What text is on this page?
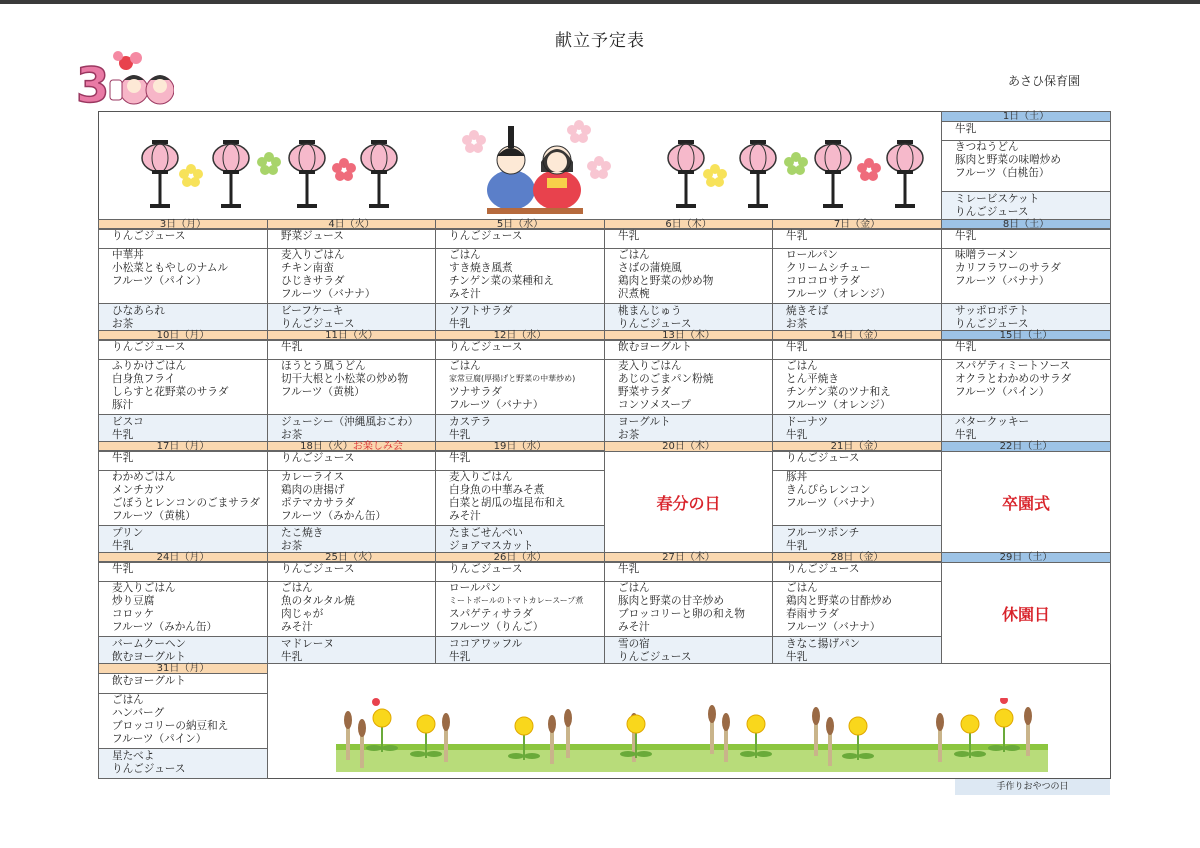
献立予定表
あさひ保育園
3
1日（土）
牛乳
きつねうどん
豚肉と野菜の味噌炒め
フルーツ（白桃缶）
ミレービスケット
りんごジュース
3日（月）
りんごジュース
中華丼
小松菜ともやしのナムル
フルーツ（パイン）
ひなあられ
お茶
4日（火）
野菜ジュース
麦入りごはん
チキン南蛮
ひじきサラダ
フルーツ（バナナ）
ビーフケーキ
りんごジュース
5日（水）
りんごジュース
ごはん
すき焼き風煮
チンゲン菜の菜種和え
みそ汁
ソフトサラダ
牛乳
6日（木）
牛乳
ごはん
さばの蒲焼風
鶏肉と野菜の炒め物
沢煮椀
桃まんじゅう
りんごジュース
7日（金）
牛乳
ロールパン
クリームシチュー
コロコロサラダ
フルーツ（オレンジ）
焼きそば
お茶
8日（土）
牛乳
味噌ラーメン
カリフラワーのサラダ
フルーツ（バナナ）
サッポロポテト
りんごジュース
10日（月）
りんごジュース
ふりかけごはん
白身魚フライ
しらすと花野菜のサラダ
豚汁
ビスコ
牛乳
11日（火）
牛乳
ほうとう風うどん
切干大根と小松菜の炒め物
フルーツ（黄桃）
ジューシー（沖縄風おこわ）
お茶
12日（水）
りんごジュース
ごはん
家常豆腐(厚揚げと野菜の中華炒め)
ツナサラダ
フルーツ（バナナ）
カステラ
牛乳
13日（木）
飲むヨーグルト
麦入りごはん
あじのごまパン粉焼
野菜サラダ
コンソメスープ
ヨーグルト
お茶
14日（金）
牛乳
ごはん
とん平焼き
チンゲン菜のツナ和え
フルーツ（オレンジ）
ドーナツ
牛乳
15日（土）
牛乳
スパゲティミートソース
オクラとわかめのサラダ
フルーツ（パイン）
バタークッキー
牛乳
17日（月）
牛乳
わかめごはん
メンチカツ
ごぼうとレンコンのごまサラダ
フルーツ（黄桃）
プリン
牛乳
18日（火）お楽しみ会
りんごジュース
カレーライス
鶏肉の唐揚げ
ポテマカサラダ
フルーツ（みかん缶）
たこ焼き
お茶
19日（水）
牛乳
麦入りごはん
白身魚の中華みそ煮
白菜と胡瓜の塩昆布和え
みそ汁
たまごせんべい
ジョアマスカット
20日（木）
春分の日
21日（金）
りんごジュース
豚丼
きんぴらレンコン
フルーツ（バナナ）
フルーツポンチ
牛乳
22日（土）
卒園式
24日（月）
牛乳
麦入りごはん
炒り豆腐
コロッケ
フルーツ（みかん缶）
バームクーヘン
飲むヨーグルト
25日（火）
りんごジュース
ごはん
魚のタルタル焼
肉じゃが
みそ汁
マドレーヌ
牛乳
26日（水）
りんごジュース
ロールパン
ミートボールのトマトカレースープ煮
スパゲティサラダ
フルーツ（りんご）
ココアワッフル
牛乳
27日（木）
牛乳
ごはん
豚肉と野菜の甘辛炒め
ブロッコリーと卵の和え物
みそ汁
雪の宿
りんごジュース
28日（金）
りんごジュース
ごはん
鶏肉と野菜の甘酢炒め
春雨サラダ
フルーツ（バナナ）
きなこ揚げパン
牛乳
29日（土）
休園日
31日（月）
飲むヨーグルト
ごはん
ハンバーグ
ブロッコリーの納豆和え
フルーツ（パイン）
星たべよ
りんごジュース
手作りおやつの日
